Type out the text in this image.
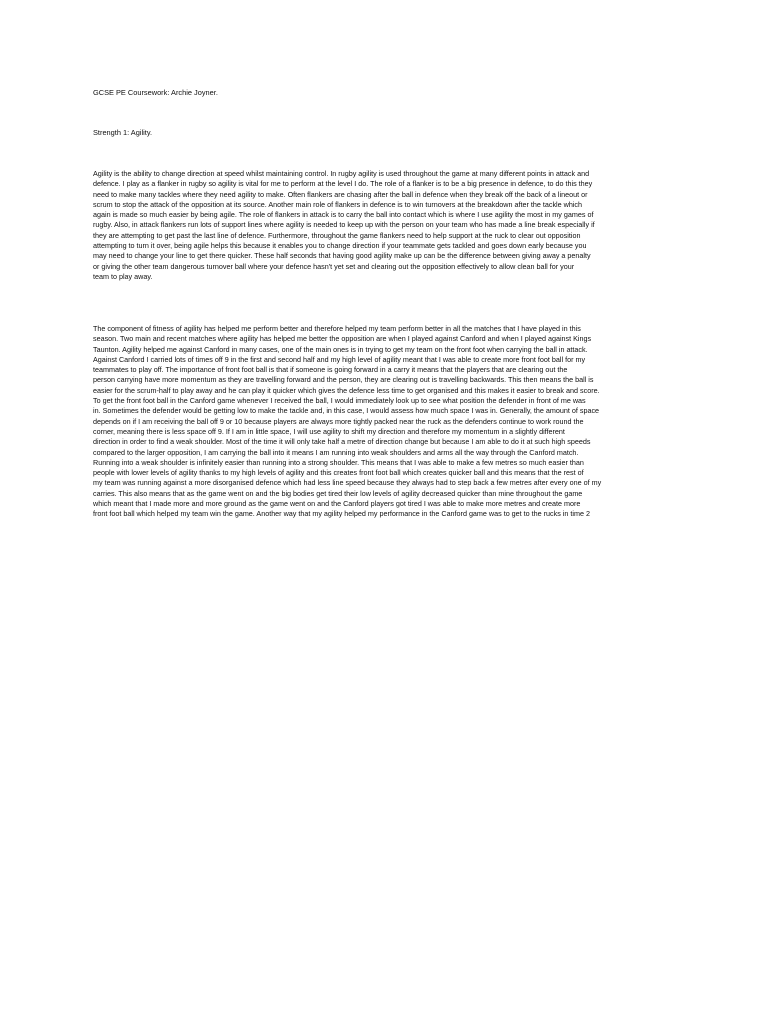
GCSE PE Coursework: Archie Joyner.
Strength 1: Agility.
Agility is the ability to change direction at speed whilst maintaining control. In rugby agility is used throughout the game at many different points in attack and
defence. I play as a flanker in rugby so agility is vital for me to perform at the level I do. The role of a flanker is to be a big presence in defence, to do this they
need to make many tackles where they need agility to make. Often flankers are chasing after the ball in defence when they break off the back of a lineout or
scrum to stop the attack of the opposition at its source. Another main role of flankers in defence is to win turnovers at the breakdown after the tackle which
again is made so much easier by being agile. The role of flankers in attack is to carry the ball into contact which is where I use agility the most in my games of
rugby. Also, in attack flankers run lots of support lines where agility is needed to keep up with the person on your team who has made a line break especially if
they are attempting to get past the last line of defence. Furthermore, throughout the game flankers need to help support at the ruck to clear out opposition
attempting to turn it over, being agile helps this because it enables you to change direction if your teammate gets tackled and goes down early because you
may need to change your line to get there quicker. These half seconds that having good agility make up can be the difference between giving away a penalty
or giving the other team dangerous turnover ball where your defence hasn't yet set and clearing out the opposition effectively to allow clean ball for your
team to play away.
The component of fitness of agility has helped me perform better and therefore helped my team perform better in all the matches that I have played in this
season. Two main and recent matches where agility has helped me better the opposition are when I played against Canford and when I played against Kings
Taunton. Agility helped me against Canford in many cases, one of the main ones is in trying to get my team on the front foot when carrying the ball in attack.
Against Canford I carried lots of times off 9 in the first and second half and my high level of agility meant that I was able to create more front foot ball for my
teammates to play off. The importance of front foot ball is that if someone is going forward in a carry it means that the players that are clearing out the
person carrying have more momentum as they are travelling forward and the person, they are clearing out is travelling backwards. This then means the ball is
easier for the scrum-half to play away and he can play it quicker which gives the defence less time to get organised and this makes it easier to break and score.
To get the front foot ball in the Canford game whenever I received the ball, I would immediately look up to see what position the defender in front of me was
in. Sometimes the defender would be getting low to make the tackle and, in this case, I would assess how much space I was in. Generally, the amount of space
depends on if I am receiving the ball off 9 or 10 because players are always more tightly packed near the ruck as the defenders continue to work round the
corner, meaning there is less space off 9. If I am in little space, I will use agility to shift my direction and therefore my momentum in a slightly different
direction in order to find a weak shoulder. Most of the time it will only take half a metre of direction change but because I am able to do it at such high speeds
compared to the larger opposition, I am carrying the ball into it means I am running into weak shoulders and arms all the way through the Canford match.
Running into a weak shoulder is infinitely easier than running into a strong shoulder. This means that I was able to make a few metres so much easier than
people with lower levels of agility thanks to my high levels of agility and this creates front foot ball which creates quicker ball and this means that the rest of
my team was running against a more disorganised defence which had less line speed because they always had to step back a few metres after every one of my
carries. This also means that as the game went on and the big bodies get tired their low levels of agility decreased quicker than mine throughout the game
which meant that I made more and more ground as the game went on and the Canford players got tired I was able to make more metres and create more
front foot ball which helped my team win the game. Another way that my agility helped my performance in the Canford game was to get to the rucks in time 2
